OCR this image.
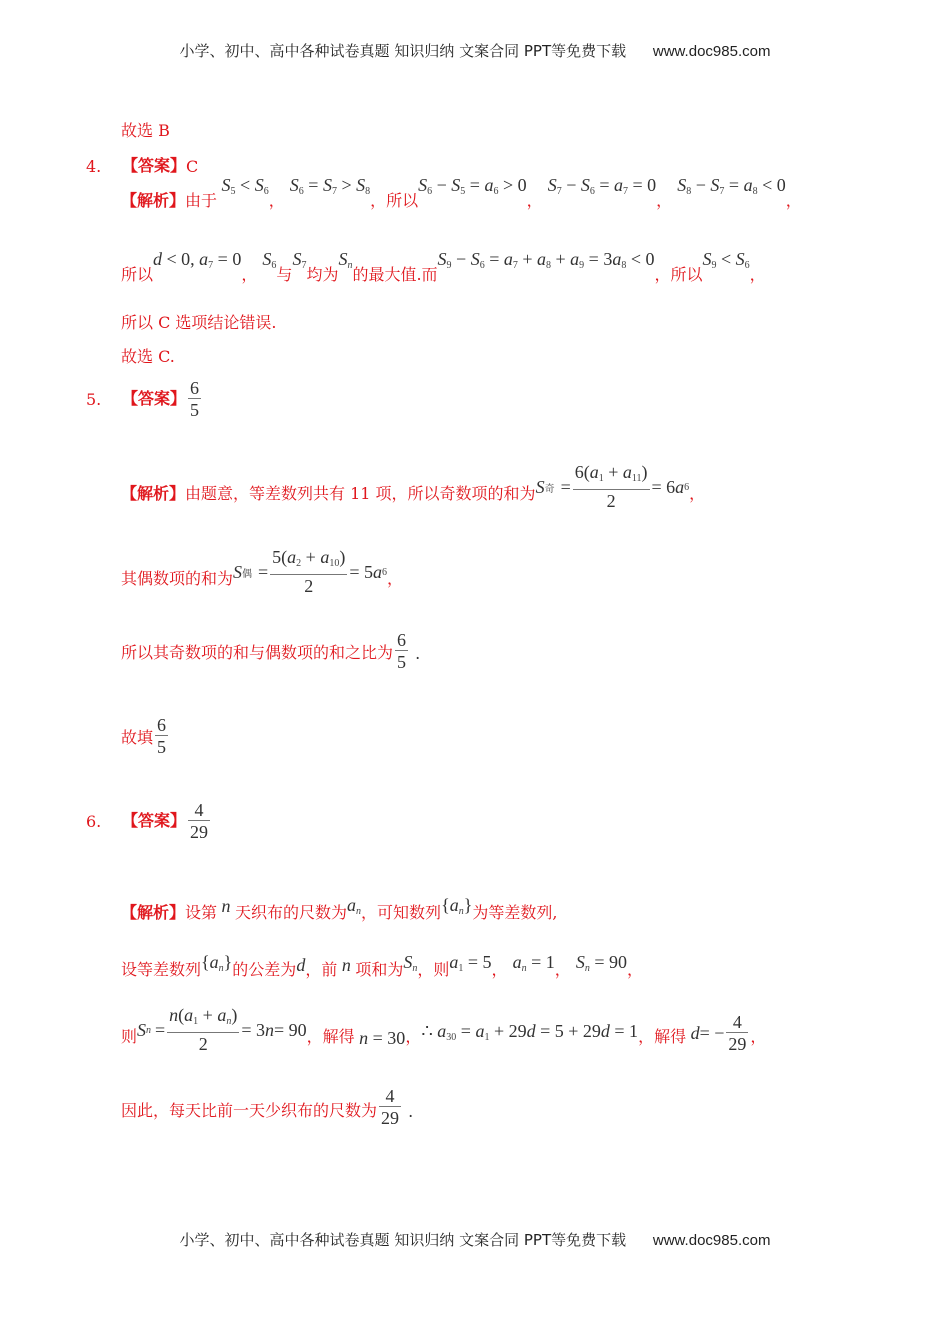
小学、初中、高中各种试卷真题 知识归纳 文案合同 PPT等免费下载 www.doc985.com
故选 B
4.	【答案】 C
【解析】 由于
$S_5 < S_6$ ，
$S_6 = S_7 > S_8$ ， 所以
$S_6 - S_5 = a_6 > 0$
，
$S_7 - S_6 = a_7 = 0$
，
$S_8 - S_7 = a_8 < 0$
，
所以
d < 0, $a_7 = 0$
，
$S_6$ 与
$S_7$ 均为
$S_n$ 的最大值.而
$S_9 - S_6 = a_7 + a_8 + a_9 = 3a_8 < 0$
， 所以
$S_9 < S_6$ ，
所以 C 选项结论错误.
故选 C.
5.	【答案】 $\frac{6}{5}$
【解析】 由题意，等差数列共有 11 项，所以奇数项的和为 S 奇 = $\frac{6(a_1 + a_{11})}{2} = 6$ a 6 ，
其偶数项的和为 S 偶 = $\frac{5(a_2 + a_{10})}{2} = 5$ a 6 ，
所以其奇数项的和与偶数项的和之比为 $\frac{6}{5}$ .
故填 $\frac{6}{5}$
6.	【答案】 $\frac{4}{29}$
【解析】 设第 n 天织布的尺数为 $a_n$ ，可知数列 $\{a_n\}$ 为等差数列,
设等差数列 $\{a_n\}$ 的公差为 d ，前 n 项和为 $S_n$ ，则 $a_1 = 5$ ， $a_n = 1$ ， $S_n = 90$ ，
则 S $n = \frac{n(a_1 + a_n)}{2} = 3$ n = 90 ，解得 n = 30 ， ∴ $a_{30} = a_1 + 29d = 5 + 29d = 1$ ，解得
d = − $\frac{4}{29}$ ，
因此，每天比前一天少织布的尺数为 $\frac{4}{29}$ .
小学、初中、高中各种试卷真题 知识归纳 文案合同 PPT等免费下载 www.doc985.com
